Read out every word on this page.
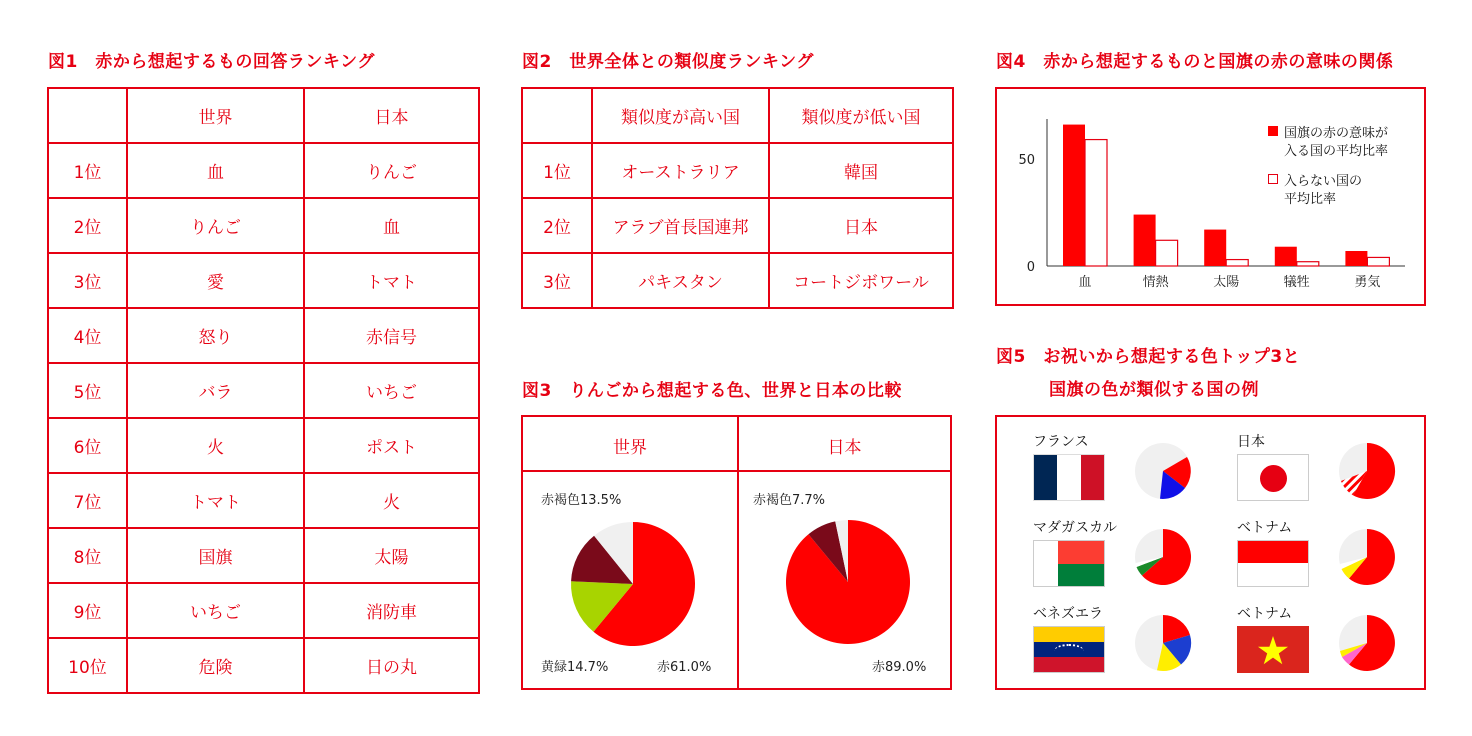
図1　赤から想起するもの回答ランキング
	世界	日本
1位	血	りんご
2位	りんご	血
3位	愛	トマト
4位	怒り	赤信号
5位	バラ	いちご
6位	火	ポスト
7位	トマト	火
8位	国旗	太陽
9位	いちご	消防車
10位	危険	日の丸
図2　世界全体との類似度ランキング
	類似度が高い国	類似度が低い国
1位	オーストラリア	韓国
2位	アラブ首長国連邦	日本
3位	パキスタン	コートジボワール
図3　りんごから想起する色、世界と日本の比較
世界	日本
赤褐色13.5%
黄緑14.7%	赤61.0%
赤褐色7.7%
赤89.0%
図4　赤から想起するものと国旗の赤の意味の関係
50
0
血	情熱	太陽	犠牲	勇気
国旗の赤の意味が
入る国の平均比率
入らない国の
平均比率
図5　お祝いから想起する色トップ3と
国旗の色が類似する国の例
フランス	日本
マダガスカル	ベトナム
ベネズエラ	ベトナム
